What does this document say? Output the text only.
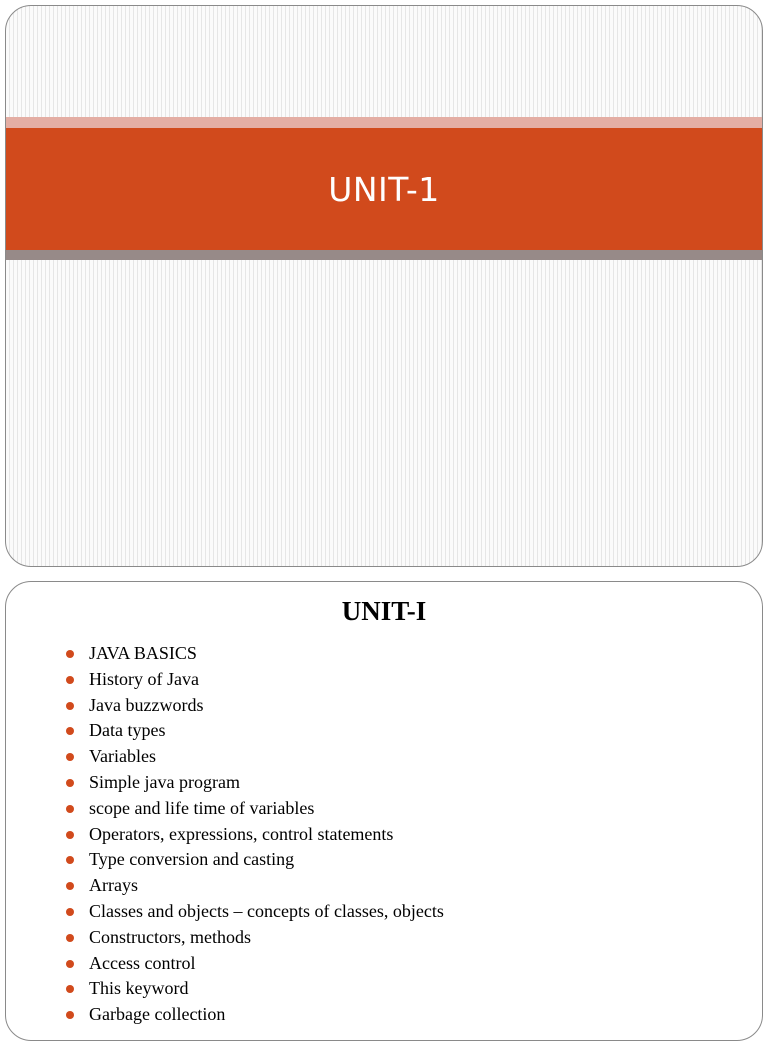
UNIT-1
UNIT-I
JAVA BASICS
History of Java
Java buzzwords
Data types
Variables
Simple java program
scope and life time of variables
Operators, expressions, control statements
Type conversion and casting
Arrays
Classes and objects – concepts of classes, objects
Constructors, methods
Access control
This keyword
Garbage collection
